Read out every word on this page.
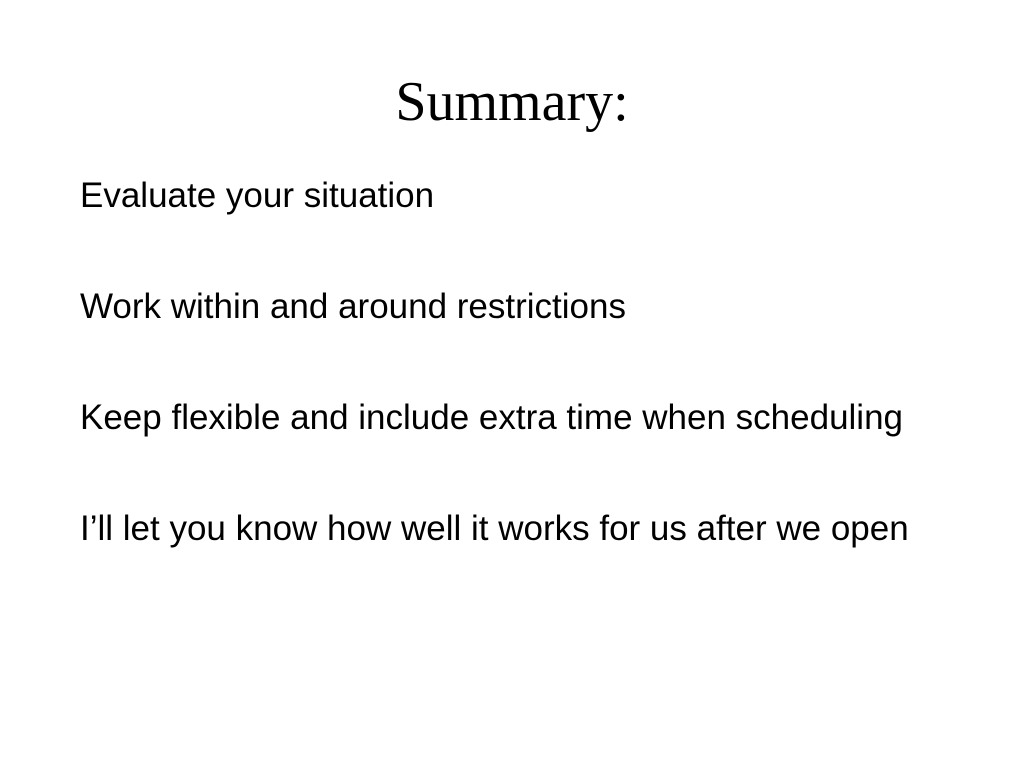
Summary:
Evaluate your situation
Work within and around restrictions
Keep flexible and include extra time when scheduling
I’ll let you know how well it works for us after we open
